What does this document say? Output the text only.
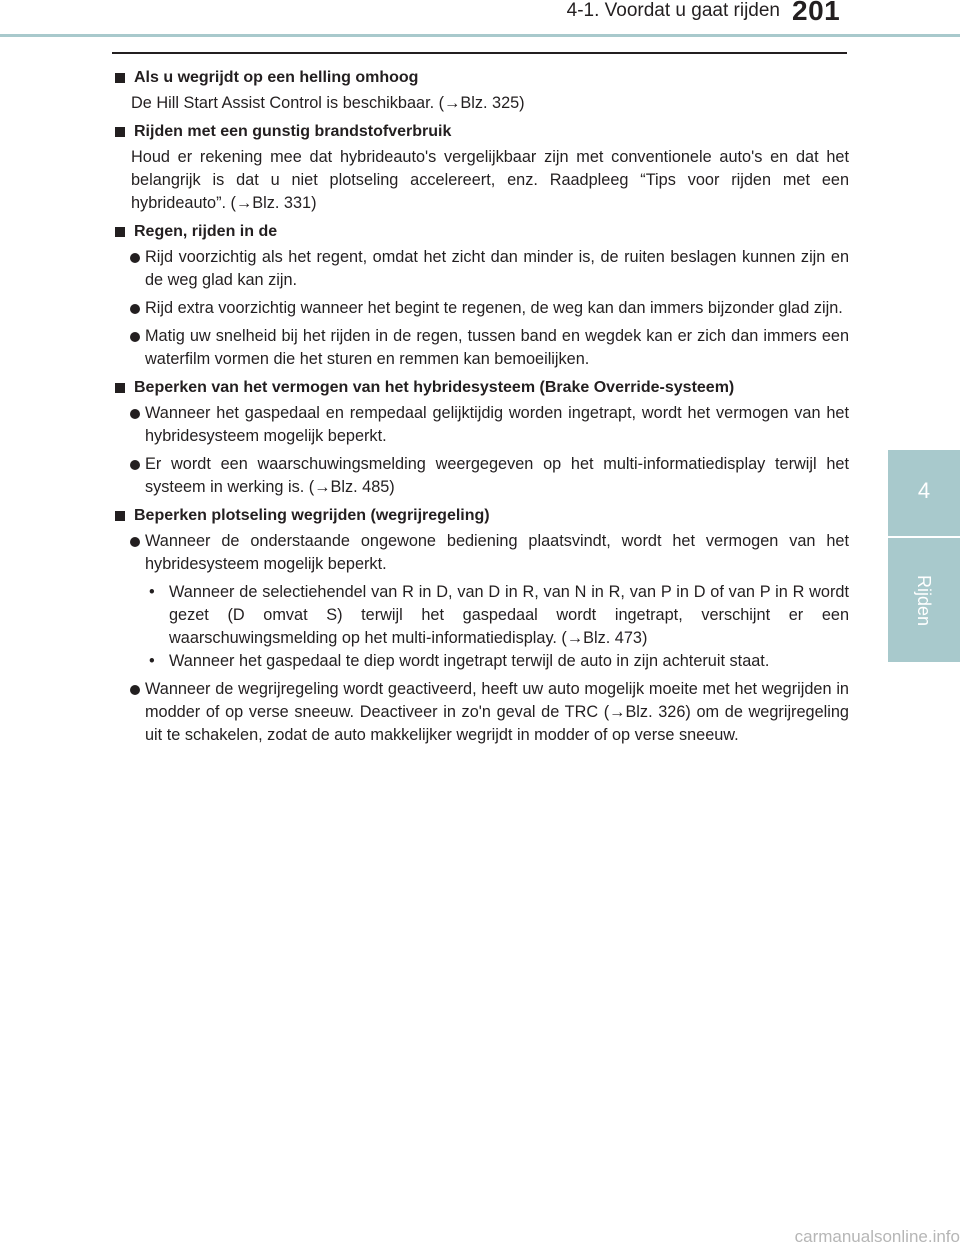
4-1. Voordat u gaat rijden 201
4
Rijden
Als u wegrijdt op een helling omhoog
De Hill Start Assist Control is beschikbaar. (→Blz. 325)
Rijden met een gunstig brandstofverbruik
Houd er rekening mee dat hybrideauto's vergelijkbaar zijn met conventionele auto's en dat het belangrijk is dat u niet plotseling accelereert, enz. Raadpleeg “Tips voor rijden met een hybrideauto”. (→Blz. 331)
Regen, rijden in de
Rijd voorzichtig als het regent, omdat het zicht dan minder is, de ruiten beslagen kunnen zijn en de weg glad kan zijn.
Rijd extra voorzichtig wanneer het begint te regenen, de weg kan dan immers bijzonder glad zijn.
Matig uw snelheid bij het rijden in de regen, tussen band en wegdek kan er zich dan immers een waterfilm vormen die het sturen en remmen kan bemoeilijken.
Beperken van het vermogen van het hybridesysteem (Brake Override-systeem)
Wanneer het gaspedaal en rempedaal gelijktijdig worden ingetrapt, wordt het vermogen van het hybridesysteem mogelijk beperkt.
Er wordt een waarschuwingsmelding weergegeven op het multi-informatiedisplay terwijl het systeem in werking is. (→Blz. 485)
Beperken plotseling wegrijden (wegrijregeling)
Wanneer de onderstaande ongewone bediening plaatsvindt, wordt het vermogen van het hybridesysteem mogelijk beperkt.
• Wanneer de selectiehendel van R in D, van D in R, van N in R, van P in D of van P in R wordt gezet (D omvat S) terwijl het gaspedaal wordt ingetrapt, verschijnt er een waarschuwingsmelding op het multi-informatiedisplay. (→Blz. 473)
• Wanneer het gaspedaal te diep wordt ingetrapt terwijl de auto in zijn achteruit staat.
Wanneer de wegrijregeling wordt geactiveerd, heeft uw auto mogelijk moeite met het wegrijden in modder of op verse sneeuw. Deactiveer in zo'n geval de TRC (→Blz. 326) om de wegrijregeling uit te schakelen, zodat de auto makkelijker wegrijdt in modder of op verse sneeuw.
carmanualsonline.info
